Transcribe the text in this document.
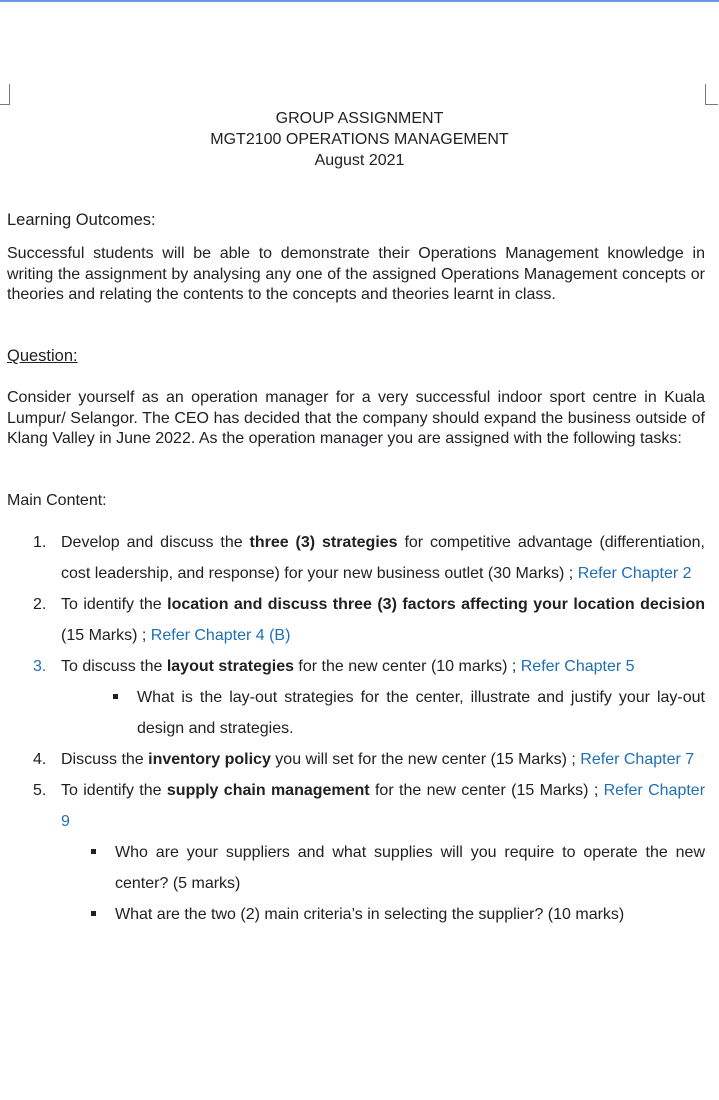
GROUP ASSIGNMENT
MGT2100 OPERATIONS MANAGEMENT
August 2021
Learning Outcomes:
Successful students will be able to demonstrate their Operations Management knowledge in writing the assignment by analysing any one of the assigned Operations Management concepts or theories and relating the contents to the concepts and theories learnt in class.
Question:
Consider yourself as an operation manager for a very successful indoor sport centre in Kuala Lumpur/ Selangor. The CEO has decided that the company should expand the business outside of Klang Valley in June 2022. As the operation manager you are assigned with the following tasks:
Main Content:
1. Develop and discuss the three (3) strategies for competitive advantage (differentiation, cost leadership, and response) for your new business outlet (30 Marks) ; Refer Chapter 2
2. To identify the location and discuss three (3) factors affecting your location decision (15 Marks) ; Refer Chapter 4 (B)
3. To discuss the layout strategies for the new center (10 marks) ; Refer Chapter 5
What is the lay-out strategies for the center, illustrate and justify your lay-out design and strategies.
4. Discuss the inventory policy you will set for the new center (15 Marks) ; Refer Chapter 7
5. To identify the supply chain management for the new center (15 Marks) ; Refer Chapter 9
Who are your suppliers and what supplies will you require to operate the new center? (5 marks)
What are the two (2) main criteria’s in selecting the supplier? (10 marks)
